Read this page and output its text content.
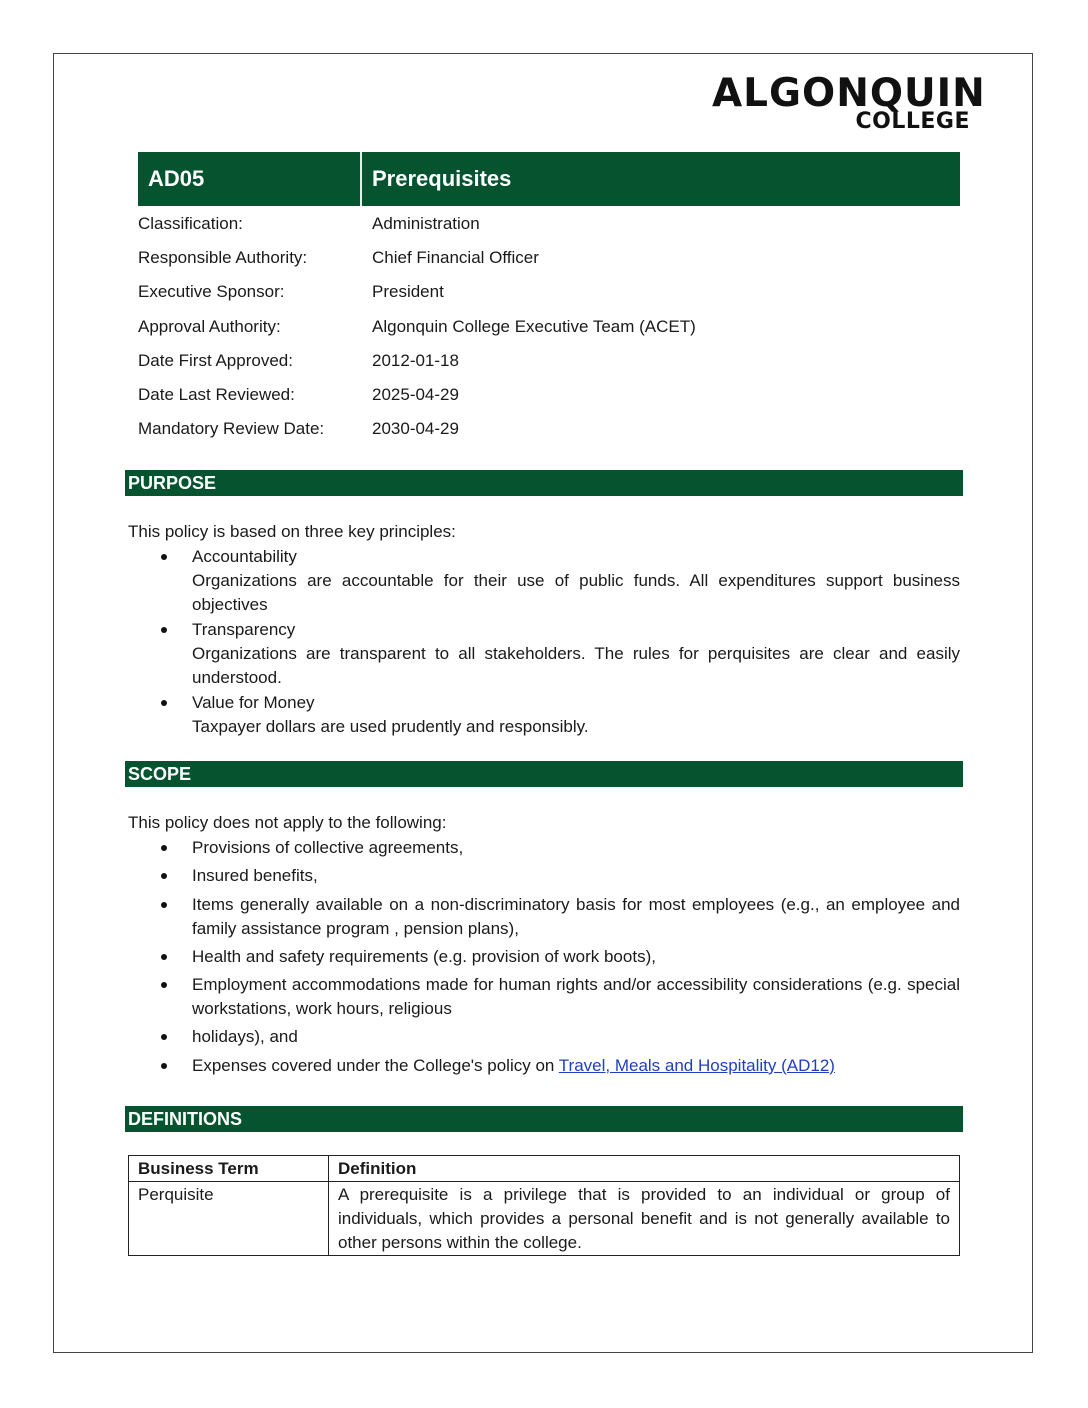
ALGONQUIN
COLLEGE
AD05	Prerequisites
Classification:	Administration
Responsible Authority:	Chief Financial Officer
Executive Sponsor:	President
Approval Authority:	Algonquin College Executive Team (ACET)
Date First Approved:	2012-01-18
Date Last Reviewed:	2025-04-29
Mandatory Review Date:	2030-04-29
PURPOSE
This policy is based on three key principles:
Accountability
Organizations are accountable for their use of public funds. All expenditures support business objectives
Transparency
Organizations are transparent to all stakeholders. The rules for perquisites are clear and easily understood.
Value for Money
Taxpayer dollars are used prudently and responsibly.
SCOPE
This policy does not apply to the following:
Provisions of collective agreements,
Insured benefits,
Items generally available on a non-discriminatory basis for most employees (e.g., an employee and family assistance program , pension plans),
Health and safety requirements (e.g. provision of work boots),
Employment accommodations made for human rights and/or accessibility considerations (e.g. special workstations, work hours, religious
holidays), and
Expenses covered under the College's policy on Travel, Meals and Hospitality (AD12)
DEFINITIONS
Business Term	Definition
Perquisite	A prerequisite is a privilege that is provided to an individual or group of individuals, which provides a personal benefit and is not generally available to other persons within the college.
